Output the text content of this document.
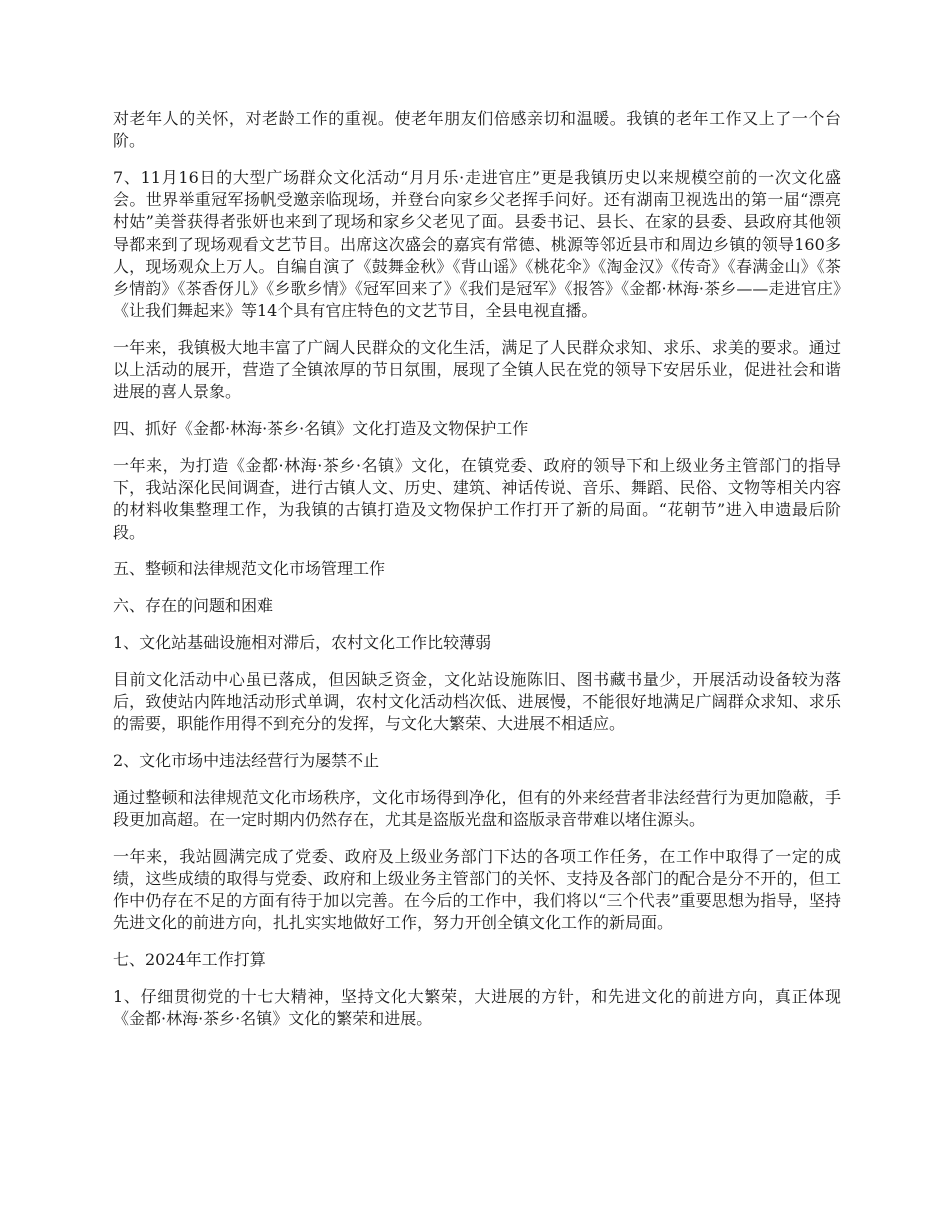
对老年人的关怀，对老龄工作的重视。使老年朋友们倍感亲切和温暖。我镇的老年工作又上了一个台阶。

7、11月16日的大型广场群众文化活动“月月乐·走进官庄”更是我镇历史以来规模空前的一次文化盛会。世界举重冠军扬帆受邀亲临现场，并登台向家乡父老挥手问好。还有湖南卫视选出的第一届“漂亮村姑”美誉获得者张妍也来到了现场和家乡父老见了面。县委书记、县长、在家的县委、县政府其他领导都来到了现场观看文艺节目。出席这次盛会的嘉宾有常德、桃源等邻近县市和周边乡镇的领导160多人，现场观众上万人。自编自演了《鼓舞金秋》《背山谣》《桃花伞》《淘金汉》《传奇》《春满金山》《茶乡情韵》《茶香伢儿》《乡歌乡情》《冠军回来了》《我们是冠军》《报答》《金都·林海·茶乡——走进官庄》《让我们舞起来》等14个具有官庄特色的文艺节目，全县电视直播。

一年来，我镇极大地丰富了广阔人民群众的文化生活，满足了人民群众求知、求乐、求美的要求。通过以上活动的展开，营造了全镇浓厚的节日氛围，展现了全镇人民在党的领导下安居乐业，促进社会和谐进展的喜人景象。

四、抓好《金都·林海·茶乡·名镇》文化打造及文物保护工作

一年来，为打造《金都·林海·茶乡·名镇》文化，在镇党委、政府的领导下和上级业务主管部门的指导下，我站深化民间调查，进行古镇人文、历史、建筑、神话传说、音乐、舞蹈、民俗、文物等相关内容的材料收集整理工作，为我镇的古镇打造及文物保护工作打开了新的局面。“花朝节”进入申遗最后阶段。

五、整顿和法律规范文化市场管理工作

六、存在的问题和困难

1、文化站基础设施相对滞后，农村文化工作比较薄弱

目前文化活动中心虽已落成，但因缺乏资金，文化站设施陈旧、图书藏书量少，开展活动设备较为落后，致使站内阵地活动形式单调，农村文化活动档次低、进展慢，不能很好地满足广阔群众求知、求乐的需要，职能作用得不到充分的发挥，与文化大繁荣、大进展不相适应。

2、文化市场中违法经营行为屡禁不止

通过整顿和法律规范文化市场秩序，文化市场得到净化，但有的外来经营者非法经营行为更加隐蔽，手段更加高超。在一定时期内仍然存在，尤其是盗版光盘和盗版录音带难以堵住源头。

一年来，我站圆满完成了党委、政府及上级业务部门下达的各项工作任务，在工作中取得了一定的成绩，这些成绩的取得与党委、政府和上级业务主管部门的关怀、支持及各部门的配合是分不开的，但工作中仍存在不足的方面有待于加以完善。在今后的工作中，我们将以“三个代表”重要思想为指导，坚持先进文化的前进方向，扎扎实实地做好工作，努力开创全镇文化工作的新局面。

七、2024年工作打算

1、仔细贯彻党的十七大精神，坚持文化大繁荣，大进展的方针，和先进文化的前进方向，真正体现《金都·林海·茶乡·名镇》文化的繁荣和进展。
